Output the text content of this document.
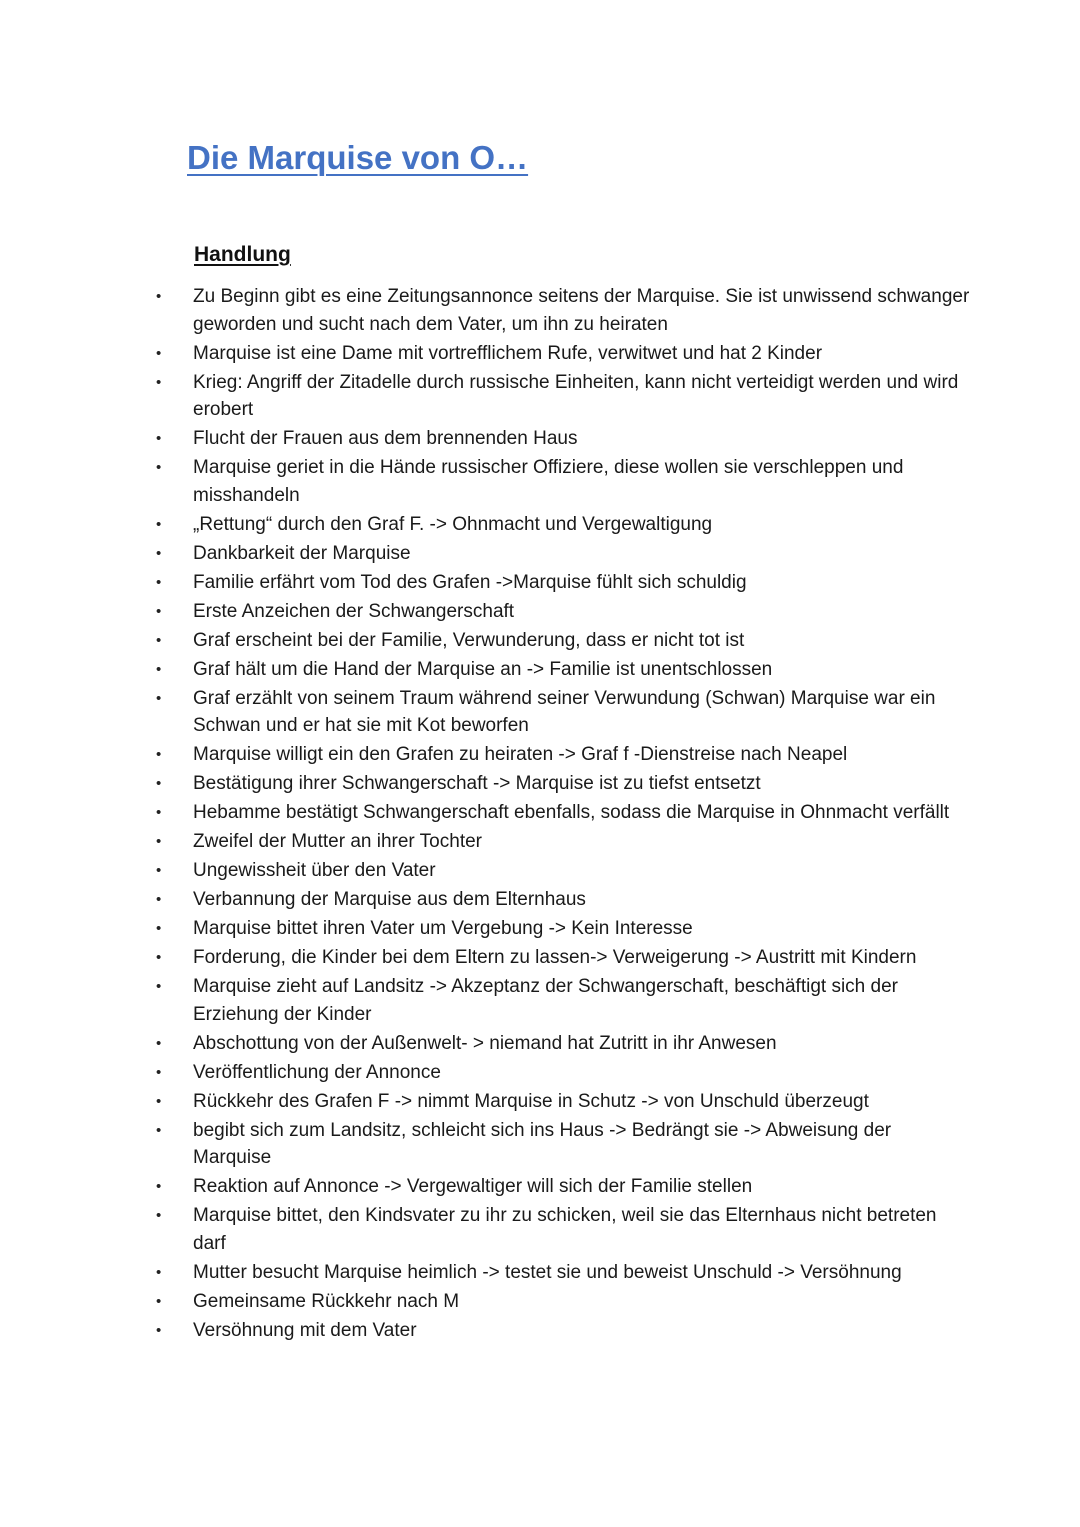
Die Marquise von O…
Handlung
• Zu Beginn gibt es eine Zeitungsannonce seitens der Marquise. Sie ist unwissend schwanger geworden und sucht nach dem Vater, um ihn zu heiraten
• Marquise ist eine Dame mit vortrefflichem Rufe, verwitwet und hat 2 Kinder
• Krieg: Angriff der Zitadelle durch russische Einheiten, kann nicht verteidigt werden und wird erobert
• Flucht der Frauen aus dem brennenden Haus
• Marquise geriet in die Hände russischer Offiziere, diese wollen sie verschleppen und misshandeln
• „Rettung“ durch den Graf F. -> Ohnmacht und Vergewaltigung
• Dankbarkeit der Marquise
• Familie erfährt vom Tod des Grafen ->Marquise fühlt sich schuldig
• Erste Anzeichen der Schwangerschaft
• Graf erscheint bei der Familie, Verwunderung, dass er nicht tot ist
• Graf hält um die Hand der Marquise an -> Familie ist unentschlossen
• Graf erzählt von seinem Traum während seiner Verwundung (Schwan) Marquise war ein Schwan und er hat sie mit Kot beworfen
• Marquise willigt ein den Grafen zu heiraten -> Graf f -Dienstreise nach Neapel
• Bestätigung ihrer Schwangerschaft -> Marquise ist zu tiefst entsetzt
• Hebamme bestätigt Schwangerschaft ebenfalls, sodass die Marquise in Ohnmacht verfällt
• Zweifel der Mutter an ihrer Tochter
• Ungewissheit über den Vater
• Verbannung der Marquise aus dem Elternhaus
• Marquise bittet ihren Vater um Vergebung -> Kein Interesse
• Forderung, die Kinder bei dem Eltern zu lassen-> Verweigerung -> Austritt mit Kindern
• Marquise zieht auf Landsitz -> Akzeptanz der Schwangerschaft, beschäftigt sich der Erziehung der Kinder
• Abschottung von der Außenwelt- > niemand hat Zutritt in ihr Anwesen
• Veröffentlichung der Annonce
• Rückkehr des Grafen F -> nimmt Marquise in Schutz -> von Unschuld überzeugt
• begibt sich zum Landsitz, schleicht sich ins Haus -> Bedrängt sie -> Abweisung der Marquise
• Reaktion auf Annonce -> Vergewaltiger will sich der Familie stellen
• Marquise bittet, den Kindsvater zu ihr zu schicken, weil sie das Elternhaus nicht betreten darf
• Mutter besucht Marquise heimlich -> testet sie und beweist Unschuld -> Versöhnung
• Gemeinsame Rückkehr nach M
• Versöhnung mit dem Vater
